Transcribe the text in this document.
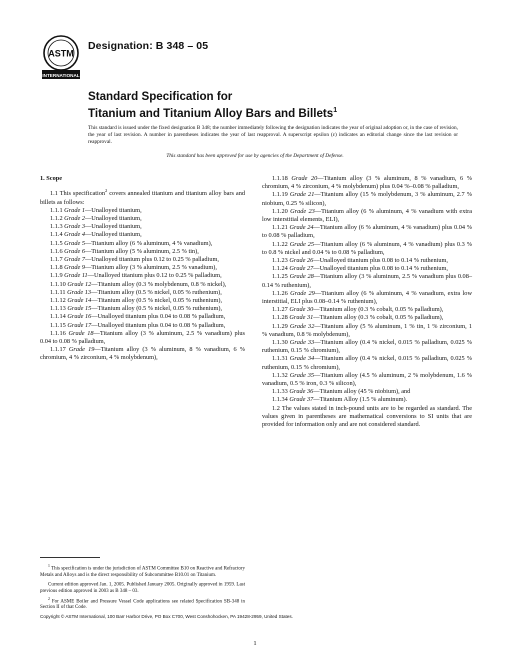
ASTM
INTERNATIONAL
Designation: B 348 – 05
Standard Specification for
Titanium and Titanium Alloy Bars and Billets$^1$
This standard is issued under the fixed designation B 348; the number immediately following the designation indicates the year of original adoption or, in the case of revision, the year of last revision. A number in parentheses indicates the year of last reapproval. A superscript epsilon (ε) indicates an editorial change since the last revision or reapproval.
This standard has been approved for use by agencies of the Department of Defense.

1. Scope

1.1 This specification$^2$ covers annealed titanium and titanium alloy bars and billets as follows:

1.1.1 Grade 1—Unalloyed titanium,

1.1.2 Grade 2—Unalloyed titanium,

1.1.3 Grade 3—Unalloyed titanium,

1.1.4 Grade 4—Unalloyed titanium,

1.1.5 Grade 5—Titanium alloy (6 % aluminum, 4 % vanadium),

1.1.6 Grade 6—Titanium alloy (5 % aluminum, 2.5 % tin),

1.1.7 Grade 7—Unalloyed titanium plus 0.12 to 0.25 % palladium,

1.1.8 Grade 9—Titanium alloy (3 % aluminum, 2.5 % vanadium),

1.1.9 Grade 11—Unalloyed titanium plus 0.12 to 0.25 % palladium,

1.1.10 Grade 12—Titanium alloy (0.3 % molybdenum, 0.8 % nickel),

1.1.11 Grade 13—Titanium alloy (0.5 % nickel, 0.05 % ruthenium),

1.1.12 Grade 14—Titanium alloy (0.5 % nickel, 0.05 % ruthenium),

1.1.13 Grade 15—Titanium alloy (0.5 % nickel, 0.05 % ruthenium),

1.1.14 Grade 16—Unalloyed titanium plus 0.04 to 0.08 % palladium,

1.1.15 Grade 17—Unalloyed titanium plus 0.04 to 0.08 % palladium,

1.1.16 Grade 18—Titanium alloy (3 % aluminum, 2.5 % vanadium) plus 0.04 to 0.08 % palladium,

1.1.17 Grade 19—Titanium alloy (3 % aluminum, 8 % vanadium, 6 % chromium, 4 % zirconium, 4 % molybdenum),

1.1.18 Grade 20—Titanium alloy (3 % aluminum, 8 % vanadium, 6 % chromium, 4 % zirconium, 4 % molybdenum) plus 0.04 %–0.08 % palladium,

1.1.19 Grade 21—Titanium alloy (15 % molybdenum, 3 % aluminum, 2.7 % niobium, 0.25 % silicon),

1.1.20 Grade 23—Titanium alloy (6 % aluminum, 4 % vanadium with extra low interstitial elements, ELI),

1.1.21 Grade 24—Titanium alloy (6 % aluminum, 4 % vanadium) plus 0.04 % to 0.08 % palladium,

1.1.22 Grade 25—Titanium alloy (6 % aluminum, 4 % vanadium) plus 0.3 % to 0.8 % nickel and 0.04 % to 0.08 % palladium,

1.1.23 Grade 26—Unalloyed titanium plus 0.08 to 0.14 % ruthenium,

1.1.24 Grade 27—Unalloyed titanium plus 0.08 to 0.14 % ruthenium,

1.1.25 Grade 28—Titanium alloy (3 % aluminum, 2.5 % vanadium plus 0.08–0.14 % ruthenium),

1.1.26 Grade 29—Titanium alloy (6 % aluminum, 4 % vanadium, extra low interstitial, ELI plus 0.08–0.14 % ruthenium),

1.1.27 Grade 30—Titanium alloy (0.3 % cobalt, 0.05 % palladium),

1.1.28 Grade 31—Titanium alloy (0.3 % cobalt, 0.05 % palladium),

1.1.29 Grade 32—Titanium alloy (5 % aluminum, 1 % tin, 1 % zirconium, 1 % vanadium, 0.8 % molybdenum),

1.1.30 Grade 33—Titanium alloy (0.4 % nickel, 0.015 % palladium, 0.025 % ruthenium, 0.15 % chromium),

1.1.31 Grade 34—Titanium alloy (0.4 % nickel, 0.015 % palladium, 0.025 % ruthenium, 0.15 % chromium),

1.1.32 Grade 35—Titanium alloy (4.5 % aluminum, 2 % molybdenum, 1.6 % vanadium, 0.5 % iron, 0.3 % silicon),

1.1.33 Grade 36—Titanium alloy (45 % niobium), and

1.1.34 Grade 37—Titanium Alloy (1.5 % aluminum).

1.2 The values stated in inch-pound units are to be regarded as standard. The values given in parentheses are mathematical conversions to SI units that are provided for information only and are not considered standard.

$^1$ This specification is under the jurisdiction of ASTM Committee B10 on Reactive and Refractory Metals and Alloys and is the direct responsibility of Subcommittee B10.01 on Titanium.

Current edition approved Jan. 1, 2005. Published January 2005. Originally approved in 1959. Last previous edition approved in 2003 as B 348 – 03.

$^2$ For ASME Boiler and Pressure Vessel Code applications see related Specification SB-348 in Section II of that Code.

Copyright © ASTM International, 100 Barr Harbor Drive, PO Box C700, West Conshohocken, PA 19428-2959, United States.
1
